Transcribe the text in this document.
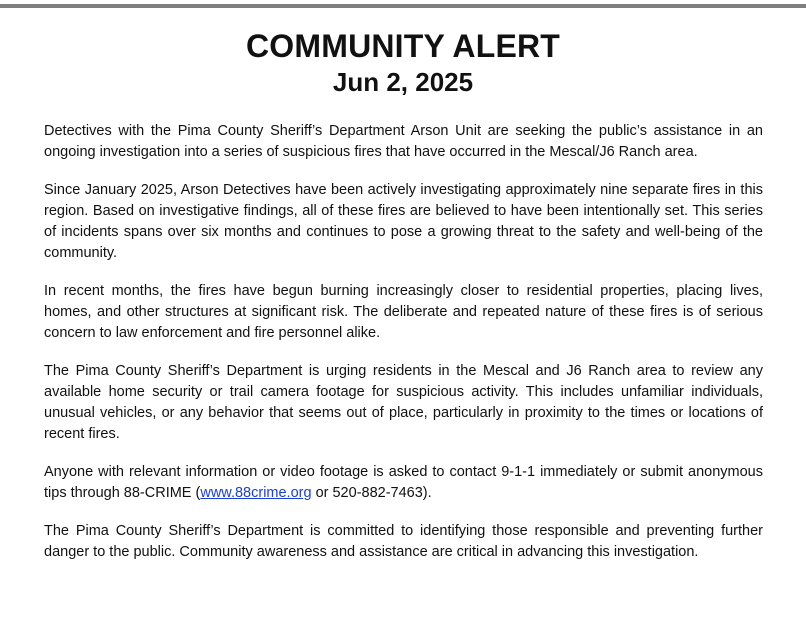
COMMUNITY ALERT
Jun 2, 2025

Detectives with the Pima County Sheriff’s Department Arson Unit are seeking the public’s assistance in an ongoing investigation into a series of suspicious fires that have occurred in the Mescal/J6 Ranch area.

Since January 2025, Arson Detectives have been actively investigating approximately nine separate fires in this region. Based on investigative findings, all of these fires are believed to have been intentionally set. This series of incidents spans over six months and continues to pose a growing threat to the safety and well-being of the community.

In recent months, the fires have begun burning increasingly closer to residential properties, placing lives, homes, and other structures at significant risk. The deliberate and repeated nature of these fires is of serious concern to law enforcement and fire personnel alike.

The Pima County Sheriff’s Department is urging residents in the Mescal and J6 Ranch area to review any available home security or trail camera footage for suspicious activity. This includes unfamiliar individuals, unusual vehicles, or any behavior that seems out of place, particularly in proximity to the times or locations of recent fires.

Anyone with relevant information or video footage is asked to contact 9-1-1 immediately or submit anonymous tips through 88-CRIME (www.88crime.org or 520-882-7463).

The Pima County Sheriff’s Department is committed to identifying those responsible and preventing further danger to the public. Community awareness and assistance are critical in advancing this investigation.
